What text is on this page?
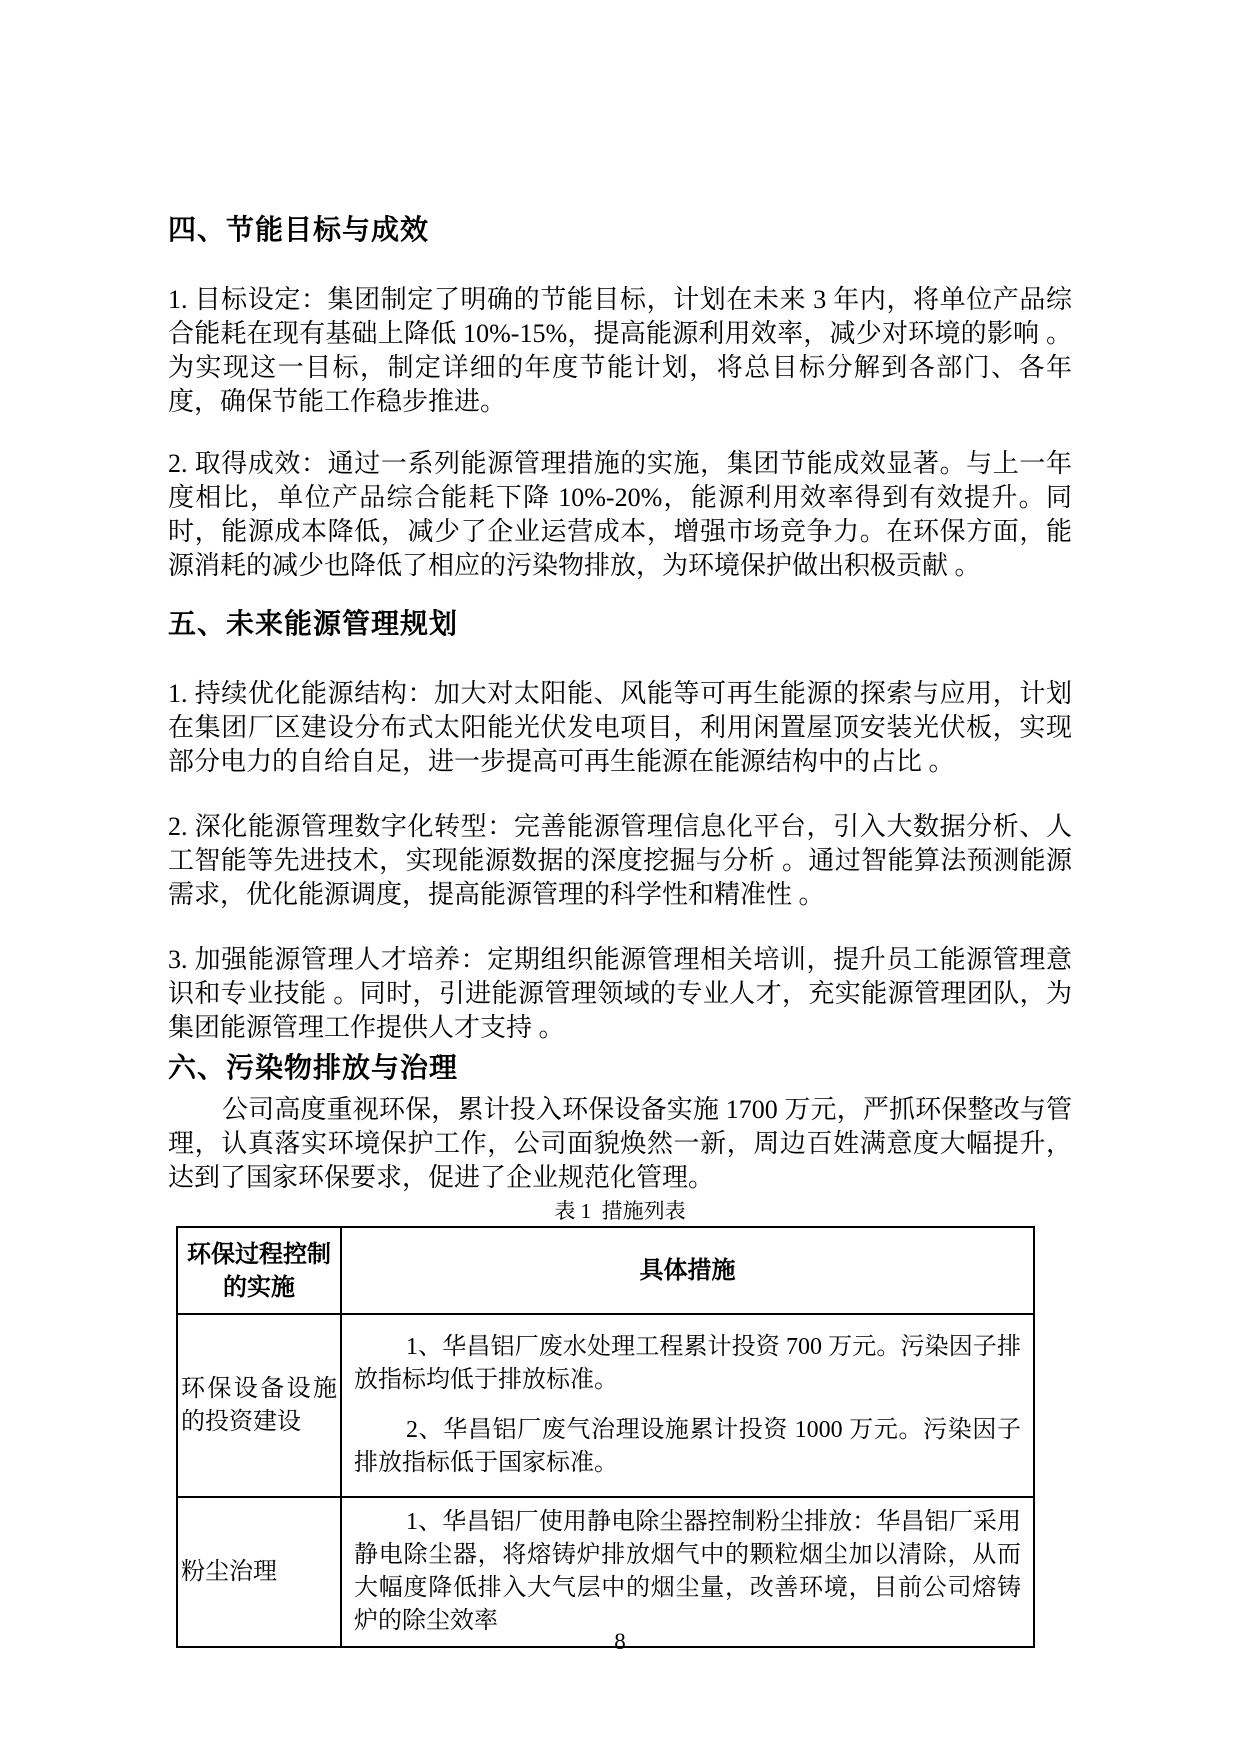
四、节能目标与成效

1. 目标设定：集团制定了明确的节能目标，计划在未来 3 年内，将单位产品综合能耗在现有基础上降低 10%-15%，提高能源利用效率，减少对环境的影响 。为实现这一目标，制定详细的年度节能计划，将总目标分解到各部门、各年度，确保节能工作稳步推进。

2. 取得成效：通过一系列能源管理措施的实施，集团节能成效显著。与上一年度相比，单位产品综合能耗下降 10%-20%，能源利用效率得到有效提升。同时，能源成本降低，减少了企业运营成本，增强市场竞争力。在环保方面，能源消耗的减少也降低了相应的污染物排放，为环境保护做出积极贡献 。

五、未来能源管理规划

1. 持续优化能源结构：加大对太阳能、风能等可再生能源的探索与应用，计划在集团厂区建设分布式太阳能光伏发电项目，利用闲置屋顶安装光伏板，实现部分电力的自给自足，进一步提高可再生能源在能源结构中的占比 。

2. 深化能源管理数字化转型：完善能源管理信息化平台，引入大数据分析、人工智能等先进技术，实现能源数据的深度挖掘与分析 。通过智能算法预测能源需求，优化能源调度，提高能源管理的科学性和精准性 。

3. 加强能源管理人才培养：定期组织能源管理相关培训，提升员工能源管理意识和专业技能 。同时，引进能源管理领域的专业人才，充实能源管理团队，为集团能源管理工作提供人才支持 。

六、污染物排放与治理

公司高度重视环保，累计投入环保设备实施 1700 万元，严抓环保整改与管理，认真落实环境保护工作，公司面貌焕然一新，周边百姓满意度大幅提升，达到了国家环保要求，促进了企业规范化管理。

表 1  措施列表
环保过程控制的实施	具体措施
环保设备设施的投资建设	1、华昌铝厂废水处理工程累计投资 700 万元。污染因子排放指标均低于排放标准。

2、华昌铝厂废气治理设施累计投资 1000 万元。污染因子排放指标低于国家标准。

粉尘治理	1、华昌铝厂使用静电除尘器控制粉尘排放：华昌铝厂采用静电除尘器，将熔铸炉排放烟气中的颗粒烟尘加以清除，从而大幅度降低排入大气层中的烟尘量，改善环境，目前公司熔铸炉的除尘效率

8
